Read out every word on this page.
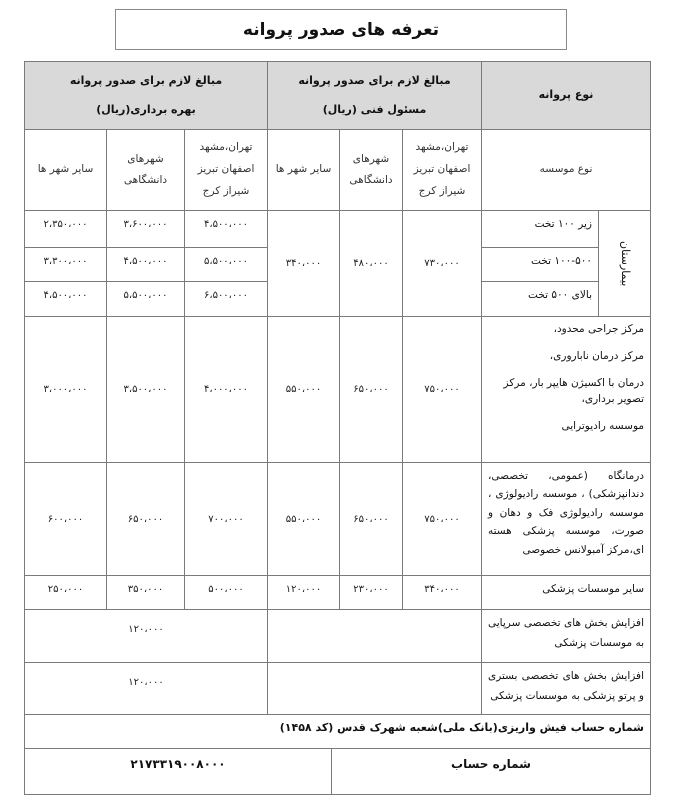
تعرفه های صدور پروانه
نوع پروانه
مبالغ لازم برای صدور پروانه
مسئول فنی (ریال)
مبالغ لازم برای صدور پروانه
بهره برداری(ریال)
نوع موسسه
تهران،مشهد اصفهان تبریز شیراز کرج
شهرهای دانشگاهی
سایر شهر ها
تهران،مشهد اصفهان تبریز شیراز کرج
شهرهای دانشگاهی
سایر شهر ها
بیمارستان
زیر ۱۰۰ تخت
۱۰۰-۵۰۰ تخت
بالای ۵۰۰ تخت
۷۳۰،۰۰۰
۴۸۰،۰۰۰
۳۴۰،۰۰۰
۴،۵۰۰،۰۰۰
۳،۶۰۰،۰۰۰
۲،۳۵۰،۰۰۰
۵،۵۰۰،۰۰۰
۴،۵۰۰،۰۰۰
۳،۳۰۰،۰۰۰
۶،۵۰۰،۰۰۰
۵،۵۰۰،۰۰۰
۴،۵۰۰،۰۰۰
مرکز جراحی محدود،
مرکز درمان ناباروری،
درمان با اکسیژن هایپر بار، مرکز تصویر برداری،
موسسه رادیوترایی
۷۵۰،۰۰۰
۶۵۰،۰۰۰
۵۵۰،۰۰۰
۴،۰۰۰،۰۰۰
۳،۵۰۰،۰۰۰
۳،۰۰۰،۰۰۰
درمانگاه (عمومی، تخصصی، دندانپزشکی) ، موسسه رادیولوژی ، موسسه رادیولوژی فک و دهان و صورت، موسسه پزشکی هسته ای،مرکز آمبولانس خصوصی
۷۵۰،۰۰۰
۶۵۰،۰۰۰
۵۵۰،۰۰۰
۷۰۰،۰۰۰
۶۵۰،۰۰۰
۶۰۰،۰۰۰
سایر موسسات پزشکی
۳۴۰،۰۰۰
۲۳۰،۰۰۰
۱۲۰،۰۰۰
۵۰۰،۰۰۰
۳۵۰،۰۰۰
۲۵۰،۰۰۰
افزایش بخش های تخصصی سرپایی به موسسات پزشکی
۱۲۰،۰۰۰
افزایش بخش های تخصصی بستری و پرتو پزشکی به موسسات پزشکی
۱۲۰،۰۰۰
شماره حساب فیش واریزی(بانک ملی)شعبه شهرک قدس (کد ۱۴۵۸)
شماره حساب
۲۱۷۳۳۱۹۰۰۸۰۰۰
